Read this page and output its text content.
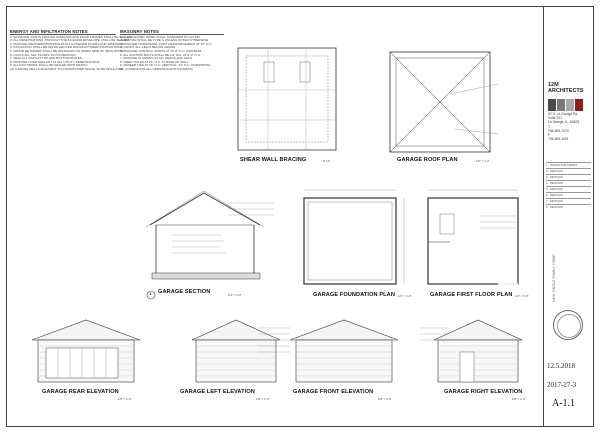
ENERGY AND INFILTRATION NOTES
1. EXTERIOR JOINTS AROUND WINDOWS AND DOOR FRAMES SHALL BE SEALED
2. ALL PENETRATIONS THROUGH THE BUILDING ENVELOPE SHALL BE SEALED
3. PROVIDE WEATHERSTRIPPING AT ALL EXTERIOR DOORS AND WINDOWS
4. INSULATION SHALL BE INSTALLED PER MANUFACTURER INSTRUCTIONS
5. VAPOR RETARDER SHALL BE INSTALLED ON WARM SIDE OF INSULATION
6. CAULK ALL SILL PLATES TO FOUNDATION
7. SEAL ALL GAPS AT TOP AND BOTTOM PLATES
8. PROVIDE FOAM SEALANT AT ALL UTILITY PENETRATIONS
9. ALL DUCTWORK SHALL BE SEALED WITH MASTIC
10. GARAGE WALLS ADJACENT TO CONDITIONED SPACE TO BE INSULATED
MASONRY NOTES
1. ALL MASONRY WORK SHALL CONFORM TO ACI 530
2. MORTAR SHALL BE TYPE S UNLESS NOTED OTHERWISE
3. PROVIDE HORIZONTAL JOINT REINFORCEMENT AT 16" O.C.
4. GROUT ALL CELLS BELOW GRADE
5. PROVIDE CONTROL JOINTS AT 25'-0" O.C. MAXIMUM
6. ALL ANCHOR BOLTS SHALL BE 1/2" DIA. AT 6'-0" O.C.
7. PROVIDE FLASHING AT ALL HEADS AND SILLS
8. WEEP HOLES AT 24" O.C. AT BASE OF WALL
9. VENEER TIES AT 16" O.C. VERTICAL, 24" O.C. HORIZONTAL
10. COORDINATE ALL OPENINGS WITH FRAMING
SHEAR WALL BRACING	N.T.S.	GARAGE ROOF PLAN	1/8" = 1'-0"
1 GARAGE SECTION	1/4" = 1'-0"	GARAGE FOUNDATION PLAN 1/4" = 1'-0"	GARAGE FIRST FLOOR PLAN 1/4" = 1'-0"
GARAGE REAR ELEVATION
1/8" = 1'-0"
GARAGE LEFT ELEVATION
1/8" = 1'-0"
GARAGE FRONT ELEVATION
1/8" = 1'-0"
GARAGE RIGHT ELEVATION
1/8" = 1'-0"
12M
ARCHITECTS
92 S. La Grange Rd.
Suite 201
La Grange, IL. 60525
T.
708-469-7474
F.
708-469-4491
1 · ISSUED FOR PERMIT
2 · REVISION
3 · REVISION
4 · REVISION
5 · REVISION
6 · REVISION
7 · REVISION
8 · REVISION
NEW SINGLE FAMILY HOME
12.5.2018
2017-27-3
A-1.1
